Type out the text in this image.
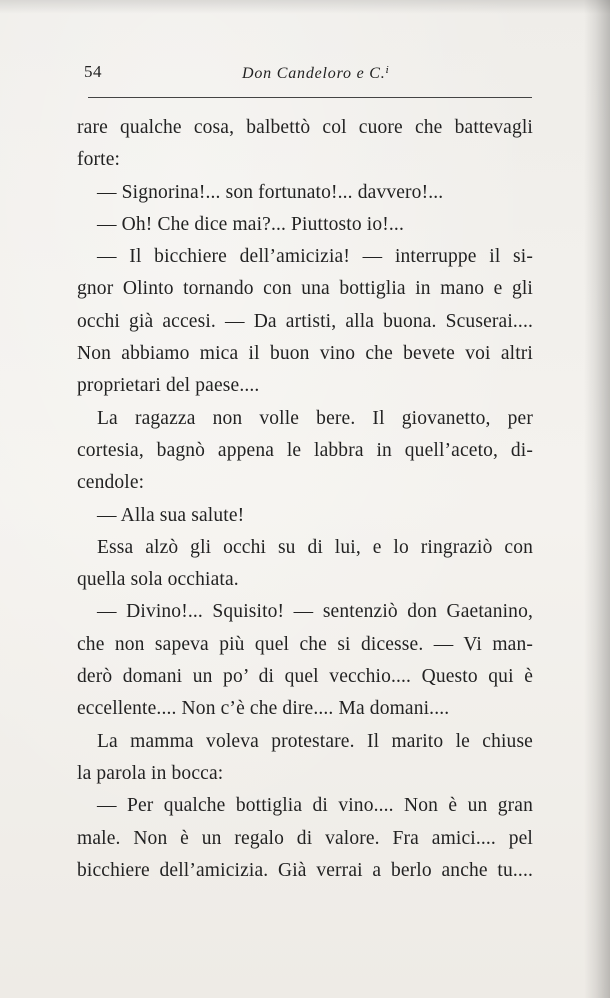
54	Don Candeloro e C.ⁱ
rare qualche cosa, balbettò col cuore che battevagli
forte:
— Signorina!... son fortunato!... davvero!...
— Oh! Che dice mai?... Piuttosto io!...
— Il bicchiere dell’amicizia! — interruppe il si-
gnor Olinto tornando con una bottiglia in mano e gli
occhi già accesi. — Da artisti, alla buona. Scuserai....
Non abbiamo mica il buon vino che bevete voi altri
proprietari del paese....
La ragazza non volle bere. Il giovanetto, per
cortesia, bagnò appena le labbra in quell’aceto, di-
cendole:
— Alla sua salute!
Essa alzò gli occhi su di lui, e lo ringraziò con
quella sola occhiata.
— Divino!... Squisito! — sentenziò don Gaetanino,
che non sapeva più quel che si dicesse. — Vi man-
derò domani un po’ di quel vecchio.... Questo qui è
eccellente.... Non c’è che dire.... Ma domani....
La mamma voleva protestare. Il marito le chiuse
la parola in bocca:
— Per qualche bottiglia di vino.... Non è un gran
male. Non è un regalo di valore. Fra amici.... pel
bicchiere dell’amicizia. Già verrai a berlo anche tu....
